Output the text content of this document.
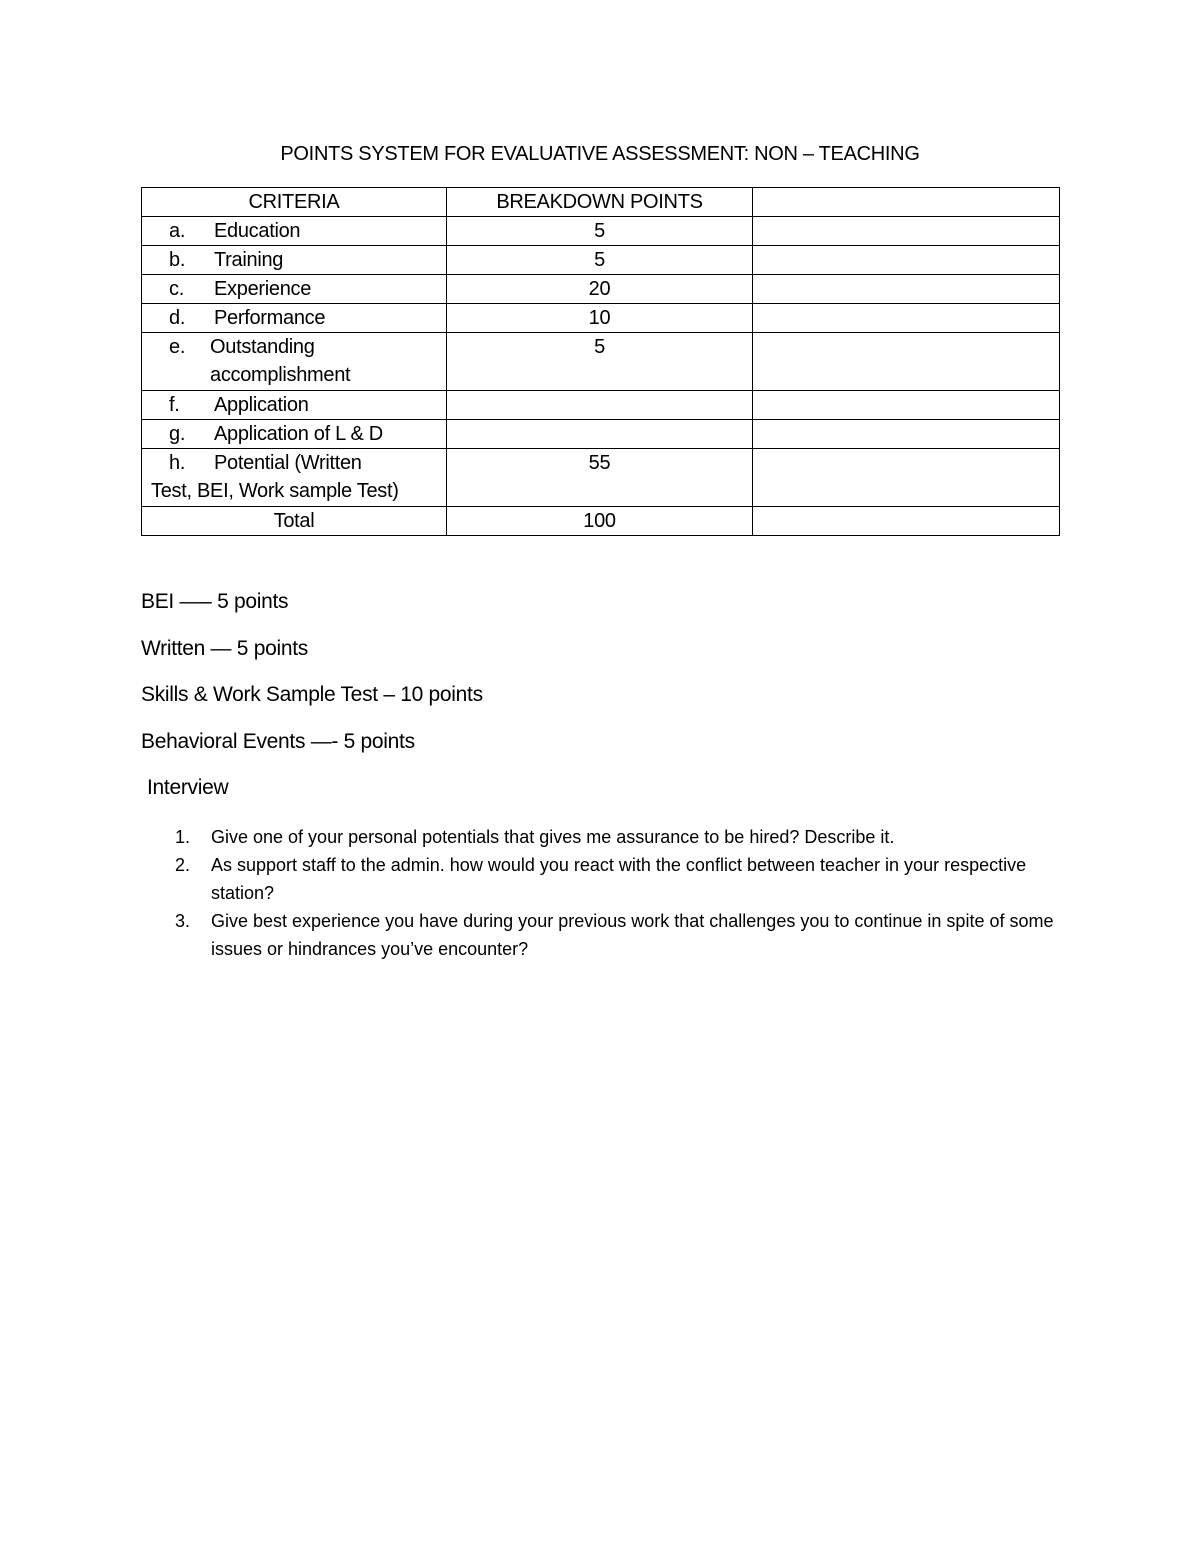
POINTS SYSTEM FOR EVALUATIVE ASSESSMENT: NON – TEACHING
CRITERIA	BREAKDOWN POINTS	

a. Education	5	

b. Training	5	

c. Experience	20	

d. Performance	10	

e. Outstanding
accomplishment	5	

f. Application		

g. Application of L & D		

h. Potential (Written
Test, BEI, Work sample Test)	55	
Total	100	
BEI —– 5 points
Written — 5 points
Skills & Work Sample Test – 10 points
Behavioral Events —- 5 points
Interview
1.	Give one of your personal potentials that gives me assurance to be hired? Describe it.
2.	As support staff to the admin. how would you react with the conflict between teacher in your respective station?
3.	Give best experience you have during your previous work that challenges you to continue in spite of some issues or hindrances you’ve encounter?
